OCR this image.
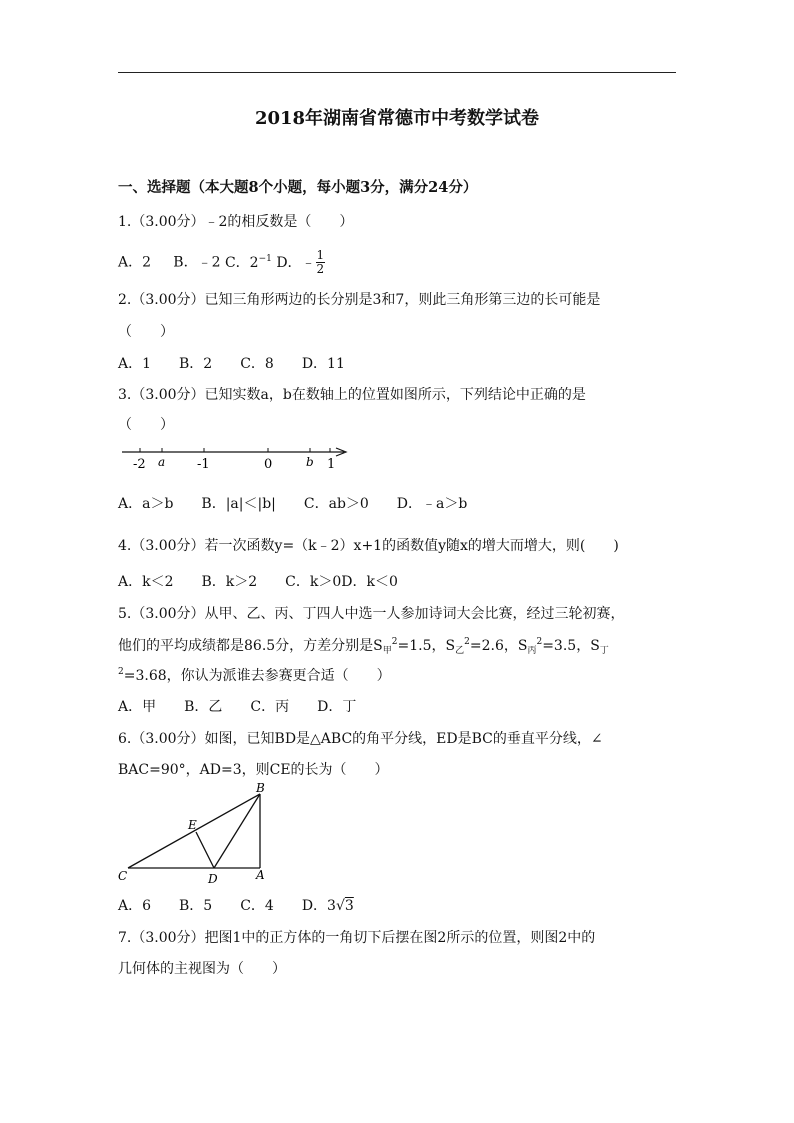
2018年湖南省常德市中考数学试卷
一、选择题（本大题8个小题，每小题3分，满分24分）
1.（3.00分）﹣2的相反数是（　　）
A．2 B．﹣2 C．$2^{-1}$ D．﹣ $\frac{1}{2}$
2.（3.00分）已知三角形两边的长分别是3和7，则此三角形第三边的长可能是
（　　）
A．1　　B．2　　C．8　　D．11
3.（3.00分）已知实数a，b在数轴上的位置如图所示，下列结论中正确的是
（　　）
-2 a -1	0	b 1
A．a＞b　　B．|a|＜|b|　　C．ab＞0　　D．﹣a＞b
4.（3.00分）若一次函数y=（k﹣2）x+1的函数值y随x的增大而增大，则(　　)
A．k＜2　　B．k＞2　　C．k＞0D．k＜0
5.（3.00分）从甲、乙、丙、丁四人中选一人参加诗词大会比赛，经过三轮初赛，
他们的平均成绩都是86.5分，方差分别是$S_甲^2=1.5$，$S_乙^2=2.6$，$S_丙^2=3.5$，$S_丁$
$^2$=3.68，你认为派谁去参赛更合适（　　）
A．甲　　B．乙　　C．丙　　D．丁
6.（3.00分）如图，已知BD是△ABC的角平分线，ED是BC的垂直平分线，∠
BAC=90°，AD=3，则CE的长为（　　）
B
E
C	D	A
A．6　　B．5　　C．4　　D．3√3
7.（3.00分）把图1中的正方体的一角切下后摆在图2所示的位置，则图2中的
几何体的主视图为（　　）
